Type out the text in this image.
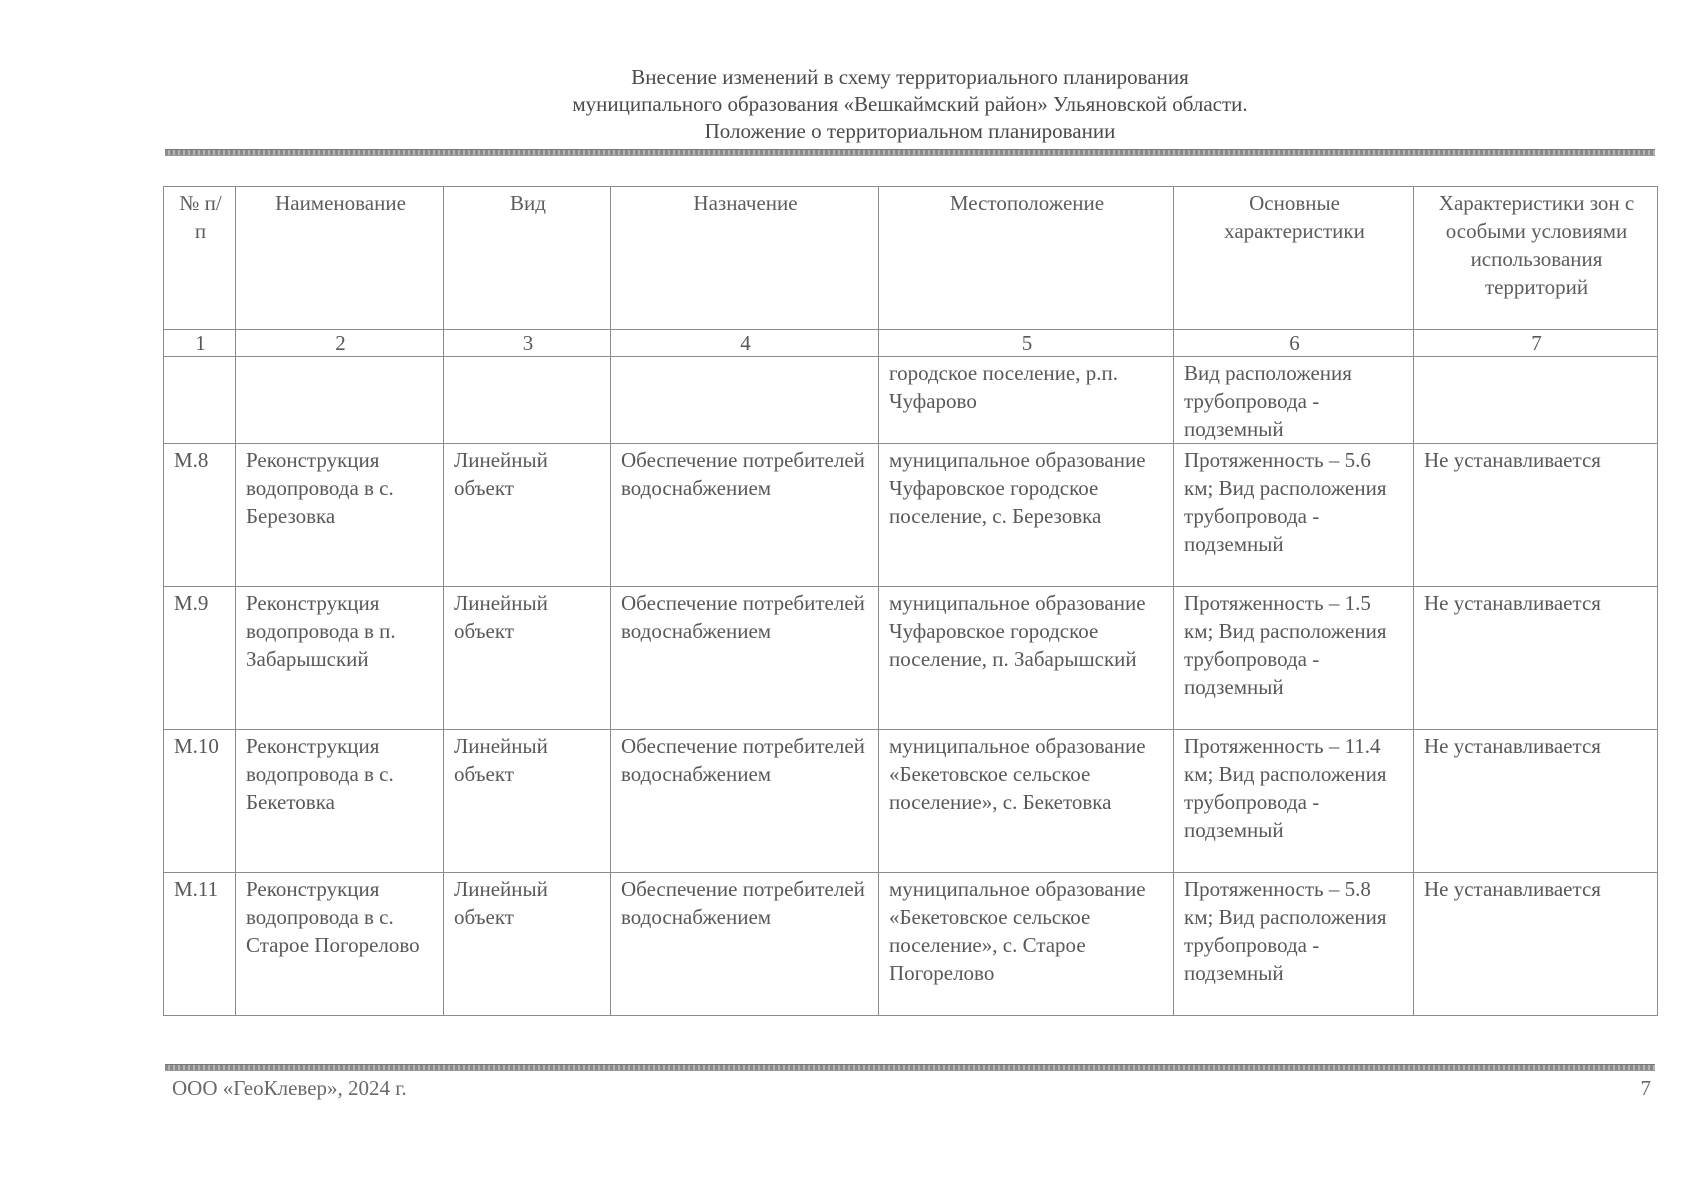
Внесение изменений в схему территориального планирования
муниципального образования «Вешкаймский район» Ульяновской области.
Положение о территориальном планировании
№ п/п	Наименование	Вид	Назначение	Местоположение	Основные характеристики	Характеристики зон с особыми условиями использования территорий
1	2	3	4	5	6	7
				городское поселение, р.п. Чуфарово	Вид расположения трубопровода - подземный	
М.8	Реконструкция водопровода в с. Березовка	Линейный объект	Обеспечение потребителей водоснабжением	муниципальное образование Чуфаровское городское поселение, с. Березовка	Протяженность – 5.6 км; Вид расположения трубопровода - подземный	Не устанавливается
М.9	Реконструкция водопровода в п. Забарышский	Линейный объект	Обеспечение потребителей водоснабжением	муниципальное образование Чуфаровское городское поселение, п. Забарышский	Протяженность – 1.5 км; Вид расположения трубопровода - подземный	Не устанавливается
М.10	Реконструкция водопровода в с. Бекетовка	Линейный объект	Обеспечение потребителей водоснабжением	муниципальное образование «Бекетовское сельское поселение», с. Бекетовка	Протяженность – 11.4 км; Вид расположения трубопровода - подземный	Не устанавливается
М.11	Реконструкция водопровода в с. Старое Погорелово	Линейный объект	Обеспечение потребителей водоснабжением	муниципальное образование «Бекетовское сельское поселение», с. Старое Погорелово	Протяженность – 5.8 км; Вид расположения трубопровода - подземный	Не устанавливается
ООО «ГеоКлевер», 2024 г.	7
